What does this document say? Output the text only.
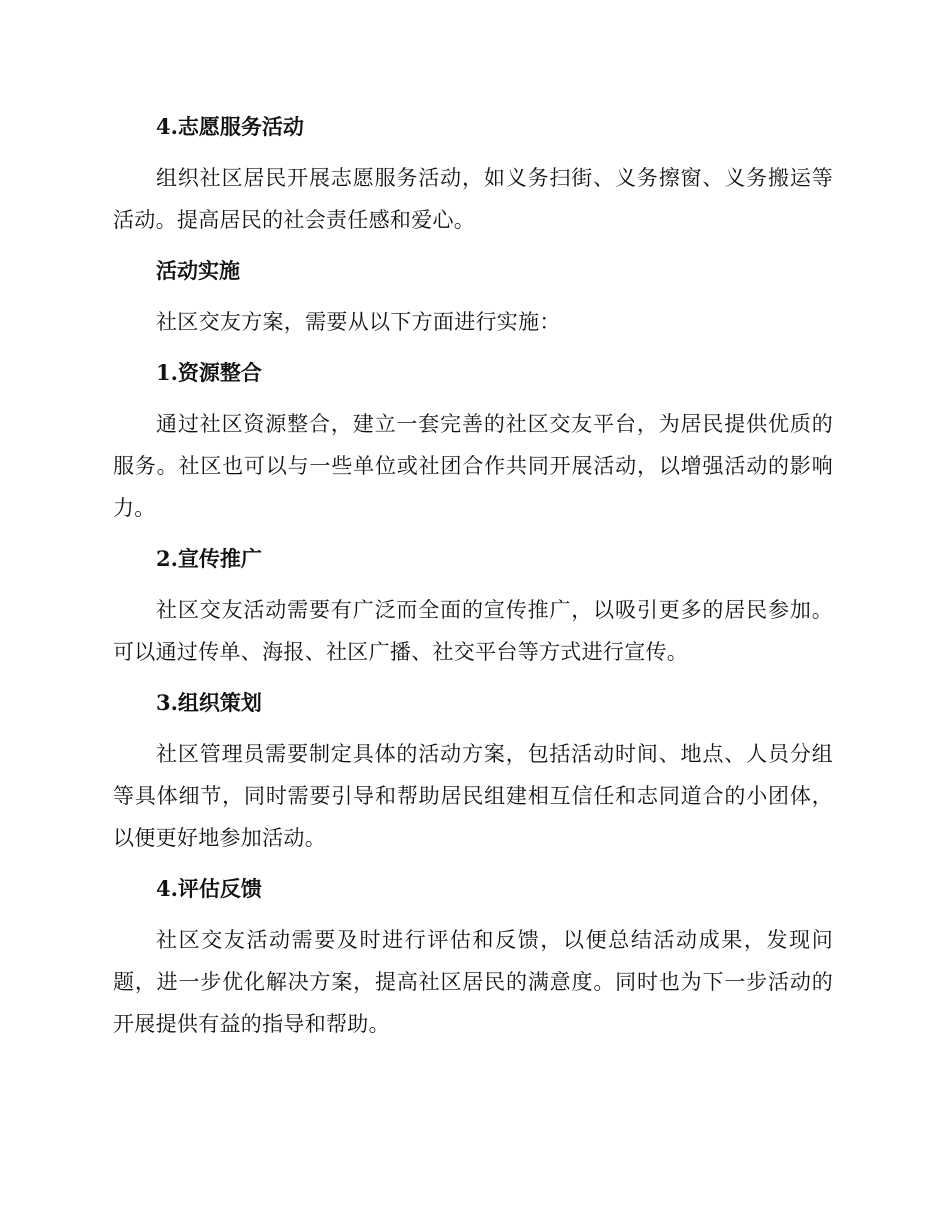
4.志愿服务活动

组织社区居民开展志愿服务活动，如义务扫街、义务擦窗、义务搬运等活动。提高居民的社会责任感和爱心。

活动实施

社区交友方案，需要从以下方面进行实施：

1.资源整合

通过社区资源整合，建立一套完善的社区交友平台，为居民提供优质的服务。社区也可以与一些单位或社团合作共同开展活动，以增强活动的影响力。

2.宣传推广

社区交友活动需要有广泛而全面的宣传推广，以吸引更多的居民参加。可以通过传单、海报、社区广播、社交平台等方式进行宣传。

3.组织策划

社区管理员需要制定具体的活动方案，包括活动时间、地点、人员分组等具体细节，同时需要引导和帮助居民组建相互信任和志同道合的小团体，以便更好地参加活动。

4.评估反馈

社区交友活动需要及时进行评估和反馈，以便总结活动成果，发现问题，进一步优化解决方案，提高社区居民的满意度。同时也为下一步活动的开展提供有益的指导和帮助。
